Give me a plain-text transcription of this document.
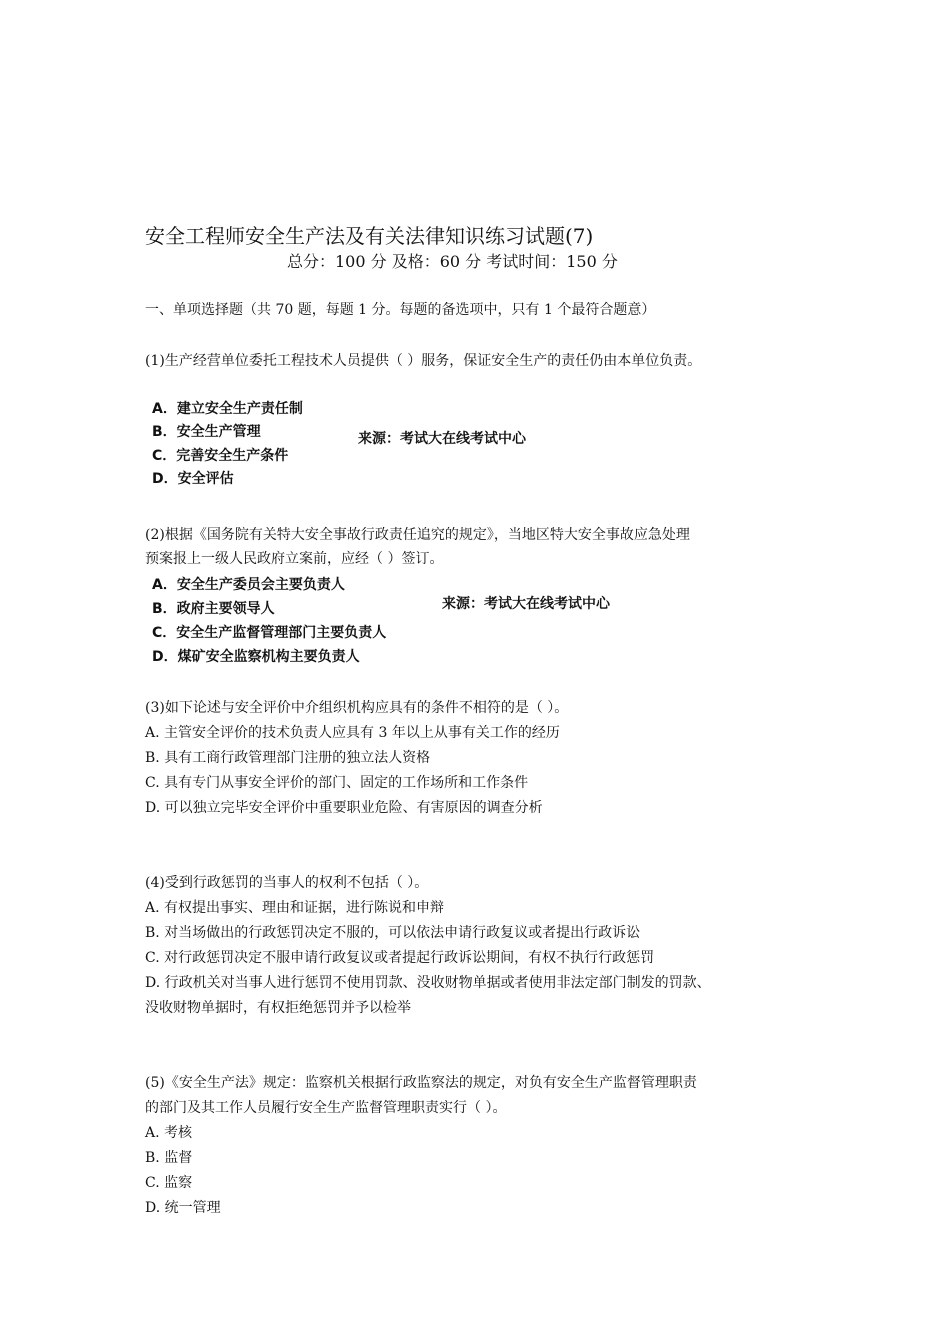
安全工程师安全生产法及有关法律知识练习试题(7)
总分：100 分 及格：60 分 考试时间：150 分
一、单项选择题（共 70 题，每题 1 分。每题的备选项中，只有 1 个最符合题意）
(1)生产经营单位委托工程技术人员提供（ ）服务，保证安全生产的责任仍由本单位负责。
A．建立安全生产责任制
B．安全生产管理
C．完善安全生产条件
D．安全评估
来源：考试大在线考试中心
(2)根据《国务院有关特大安全事故行政责任追究的规定》，当地区特大安全事故应急处理
预案报上一级人民政府立案前，应经（ ）签订。
A．安全生产委员会主要负责人
B．政府主要领导人
C．安全生产监督管理部门主要负责人
D．煤矿安全监察机构主要负责人
来源：考试大在线考试中心
(3)如下论述与安全评价中介组织机构应具有的条件不相符的是（ ）。
A. 主管安全评价的技术负责人应具有 3 年以上从事有关工作的经历
B. 具有工商行政管理部门注册的独立法人资格
C. 具有专门从事安全评价的部门、固定的工作场所和工作条件
D. 可以独立完毕安全评价中重要职业危险、有害原因的调查分析
(4)受到行政惩罚的当事人的权利不包括（ ）。
A. 有权提出事实、理由和证据，进行陈说和申辩
B. 对当场做出的行政惩罚决定不服的，可以依法申请行政复议或者提出行政诉讼
C. 对行政惩罚决定不服申请行政复议或者提起行政诉讼期间，有权不执行行政惩罚
D. 行政机关对当事人进行惩罚不使用罚款、没收财物单据或者使用非法定部门制发的罚款、
没收财物单据时，有权拒绝惩罚并予以检举
(5)《安全生产法》规定：监察机关根据行政监察法的规定，对负有安全生产监督管理职责
的部门及其工作人员履行安全生产监督管理职责实行（ ）。
A. 考核
B. 监督
C. 监察
D. 统一管理
